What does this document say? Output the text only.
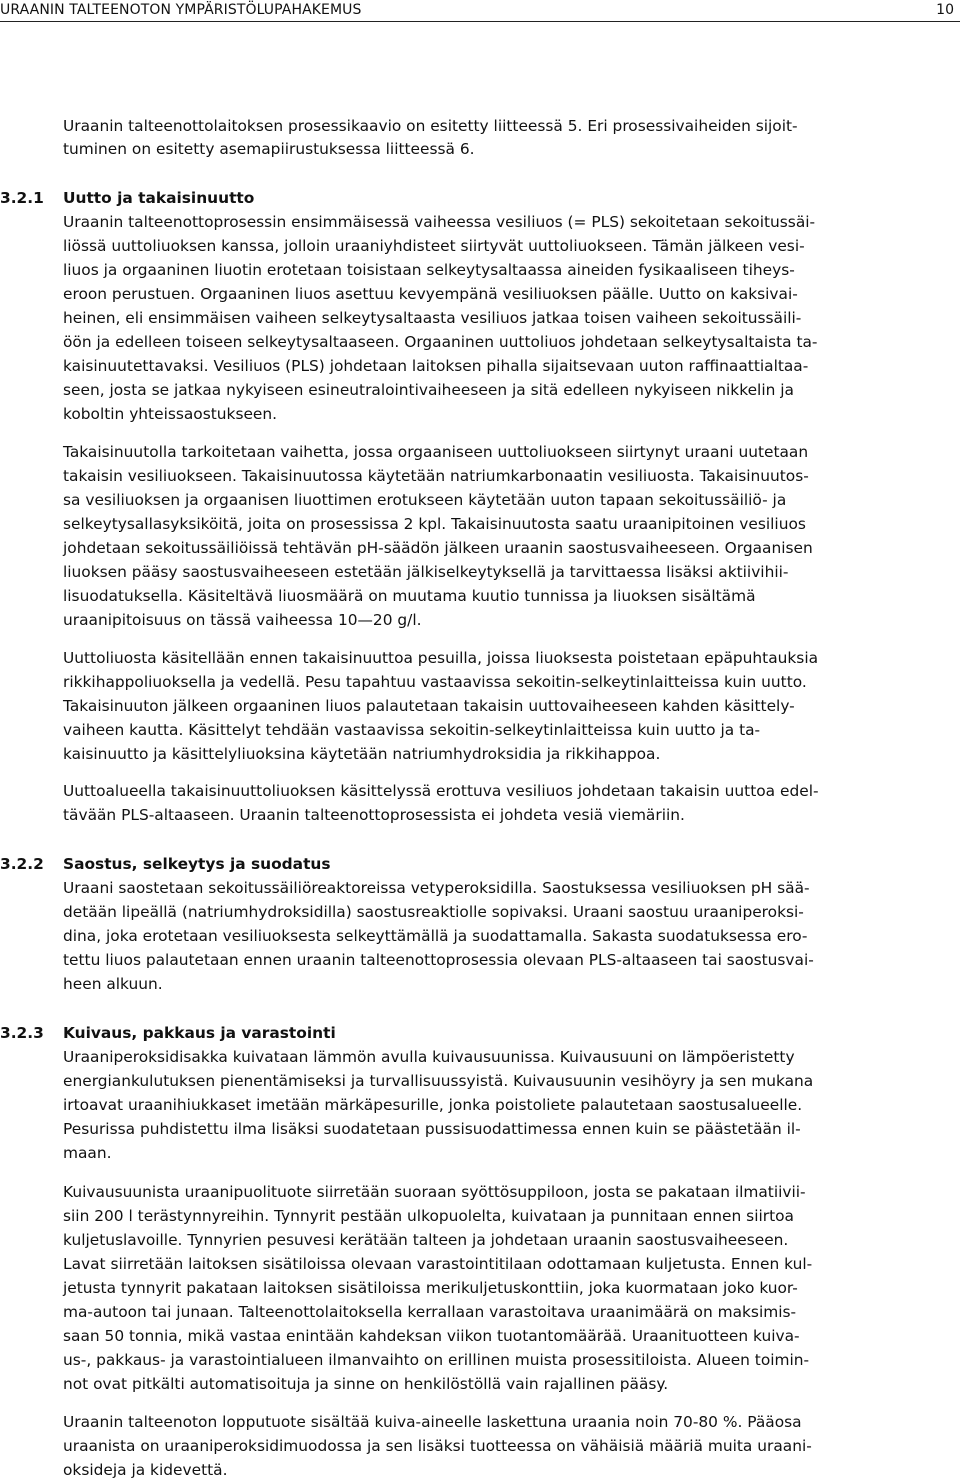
URAANIN TALTEENOTON YMPÄRISTÖLUPAHAKEMUS	10
Uraanin talteenottolaitoksen prosessikaavio on esitetty liitteessä 5. Eri prosessivaiheiden sijoit-
tuminen on esitetty asemapiirustuksessa liitteessä 6.
3.2.1 Uutto ja takaisinuutto
Uraanin talteenottoprosessin ensimmäisessä vaiheessa vesiliuos (= PLS) sekoitetaan sekoitussäi-
liössä uuttoliuoksen kanssa, jolloin uraaniyhdisteet siirtyvät uuttoliuokseen. Tämän jälkeen vesi-
liuos ja orgaaninen liuotin erotetaan toisistaan selkeytysaltaassa aineiden fysikaaliseen tiheys-
eroon perustuen. Orgaaninen liuos asettuu kevyempänä vesiliuoksen päälle. Uutto on kaksivai-
heinen, eli ensimmäisen vaiheen selkeytysaltaasta vesiliuos jatkaa toisen vaiheen sekoitussäili-
öön ja edelleen toiseen selkeytysaltaaseen. Orgaaninen uuttoliuos johdetaan selkeytysaltaista ta-
kaisinuutettavaksi. Vesiliuos (PLS) johdetaan laitoksen pihalla sijaitsevaan uuton raffinaattialtaa-
seen, josta se jatkaa nykyiseen esineutralointivaiheeseen ja sitä edelleen nykyiseen nikkelin ja
koboltin yhteissaostukseen.
Takaisinuutolla tarkoitetaan vaihetta, jossa orgaaniseen uuttoliuokseen siirtynyt uraani uutetaan
takaisin vesiliuokseen. Takaisinuutossa käytetään natriumkarbonaatin vesiliuosta. Takaisinuutos-
sa vesiliuoksen ja orgaanisen liuottimen erotukseen käytetään uuton tapaan sekoitussäiliö- ja
selkeytysallasyksiköitä, joita on prosessissa 2 kpl. Takaisinuutosta saatu uraanipitoinen vesiliuos
johdetaan sekoitussäiliöissä tehtävän pH-säädön jälkeen uraanin saostusvaiheeseen. Orgaanisen
liuoksen pääsy saostusvaiheeseen estetään jälkiselkeytyksellä ja tarvittaessa lisäksi aktiivihii-
lisuodatuksella. Käsiteltävä liuosmäärä on muutama kuutio tunnissa ja liuoksen sisältämä
uraanipitoisuus on tässä vaiheessa 10—20 g/l.
Uuttoliuosta käsitellään ennen takaisinuuttoa pesuilla, joissa liuoksesta poistetaan epäpuhtauksia
rikkihappoliuoksella ja vedellä. Pesu tapahtuu vastaavissa sekoitin-selkeytinlaitteissa kuin uutto.
Takaisinuuton jälkeen orgaaninen liuos palautetaan takaisin uuttovaiheeseen kahden käsittely-
vaiheen kautta. Käsittelyt tehdään vastaavissa sekoitin-selkeytinlaitteissa kuin uutto ja ta-
kaisinuutto ja käsittelyliuoksina käytetään natriumhydroksidia ja rikkihappoa.
Uuttoalueella takaisinuuttoliuoksen käsittelyssä erottuva vesiliuos johdetaan takaisin uuttoa edel-
tävään PLS-altaaseen. Uraanin talteenottoprosessista ei johdeta vesiä viemäriin.
3.2.2 Saostus, selkeytys ja suodatus
Uraani saostetaan sekoitussäiliöreaktoreissa vetyperoksidilla. Saostuksessa vesiliuoksen pH sää-
detään lipeällä (natriumhydroksidilla) saostusreaktiolle sopivaksi. Uraani saostuu uraaniperoksi-
dina, joka erotetaan vesiliuoksesta selkeyttämällä ja suodattamalla. Sakasta suodatuksessa ero-
tettu liuos palautetaan ennen uraanin talteenottoprosessia olevaan PLS-altaaseen tai saostusvai-
heen alkuun.
3.2.3 Kuivaus, pakkaus ja varastointi
Uraaniperoksidisakka kuivataan lämmön avulla kuivausuunissa. Kuivausuuni on lämpöeristetty
energiankulutuksen pienentämiseksi ja turvallisuussyistä. Kuivausuunin vesihöyry ja sen mukana
irtoavat uraanihiukkaset imetään märkäpesurille, jonka poistoliete palautetaan saostusalueelle.
Pesurissa puhdistettu ilma lisäksi suodatetaan pussisuodattimessa ennen kuin se päästetään il-
maan.
Kuivausuunista uraanipuolituote siirretään suoraan syöttösuppiloon, josta se pakataan ilmatiivii-
siin 200 l terästynnyreihin. Tynnyrit pestään ulkopuolelta, kuivataan ja punnitaan ennen siirtoa
kuljetuslavoille. Tynnyrien pesuvesi kerätään talteen ja johdetaan uraanin saostusvaiheeseen.
Lavat siirretään laitoksen sisätiloissa olevaan varastointitilaan odottamaan kuljetusta. Ennen kul-
jetusta tynnyrit pakataan laitoksen sisätiloissa merikuljetuskonttiin, joka kuormataan joko kuor-
ma-autoon tai junaan. Talteenottolaitoksella kerrallaan varastoitava uraanimäärä on maksimis-
saan 50 tonnia, mikä vastaa enintään kahdeksan viikon tuotantomäärää. Uraanituotteen kuiva-
us-, pakkaus- ja varastointialueen ilmanvaihto on erillinen muista prosessitiloista. Alueen toimin-
not ovat pitkälti automatisoituja ja sinne on henkilöstöllä vain rajallinen pääsy.
Uraanin talteenoton lopputuote sisältää kuiva-aineelle laskettuna uraania noin 70-80 %. Pääosa
uraanista on uraaniperoksidimuodossa ja sen lisäksi tuotteessa on vähäisiä määriä muita uraani-
oksideja ja kidevettä.
